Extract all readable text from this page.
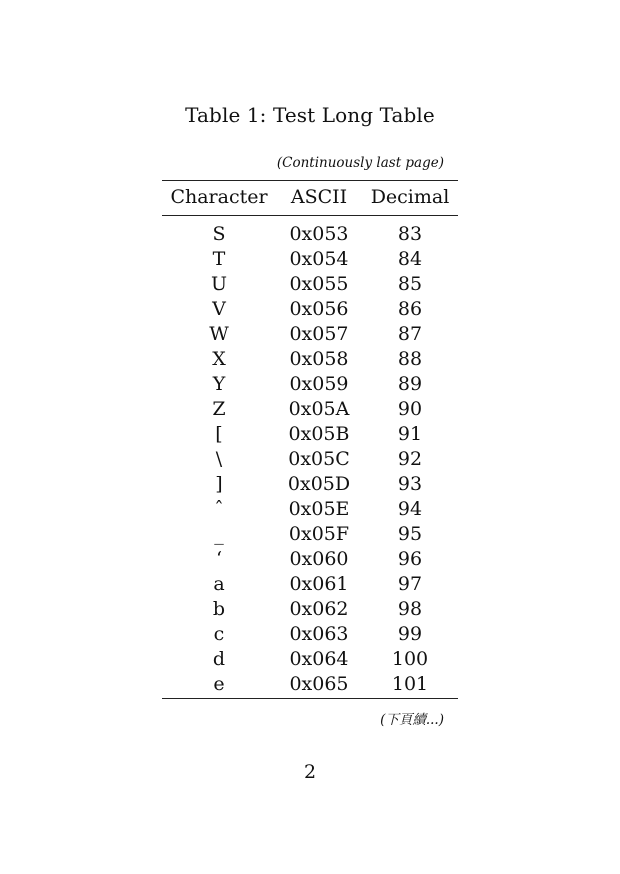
Table 1: Test Long Table
(Continuously last page)
Character	ASCII	Decimal
S	0x053	83
T	0x054	84
U	0x055	85
V	0x056	86
W	0x057	87
X	0x058	88
Y	0x059	89
Z	0x05A	90
[	0x05B	91
\	0x05C	92
]	0x05D	93
ˆ	0x05E	94
_	0x05F	95
‘	0x060	96
a	0x061	97
b	0x062	98
c	0x063	99
d	0x064	100
e	0x065	101
(下頁續...)
2
